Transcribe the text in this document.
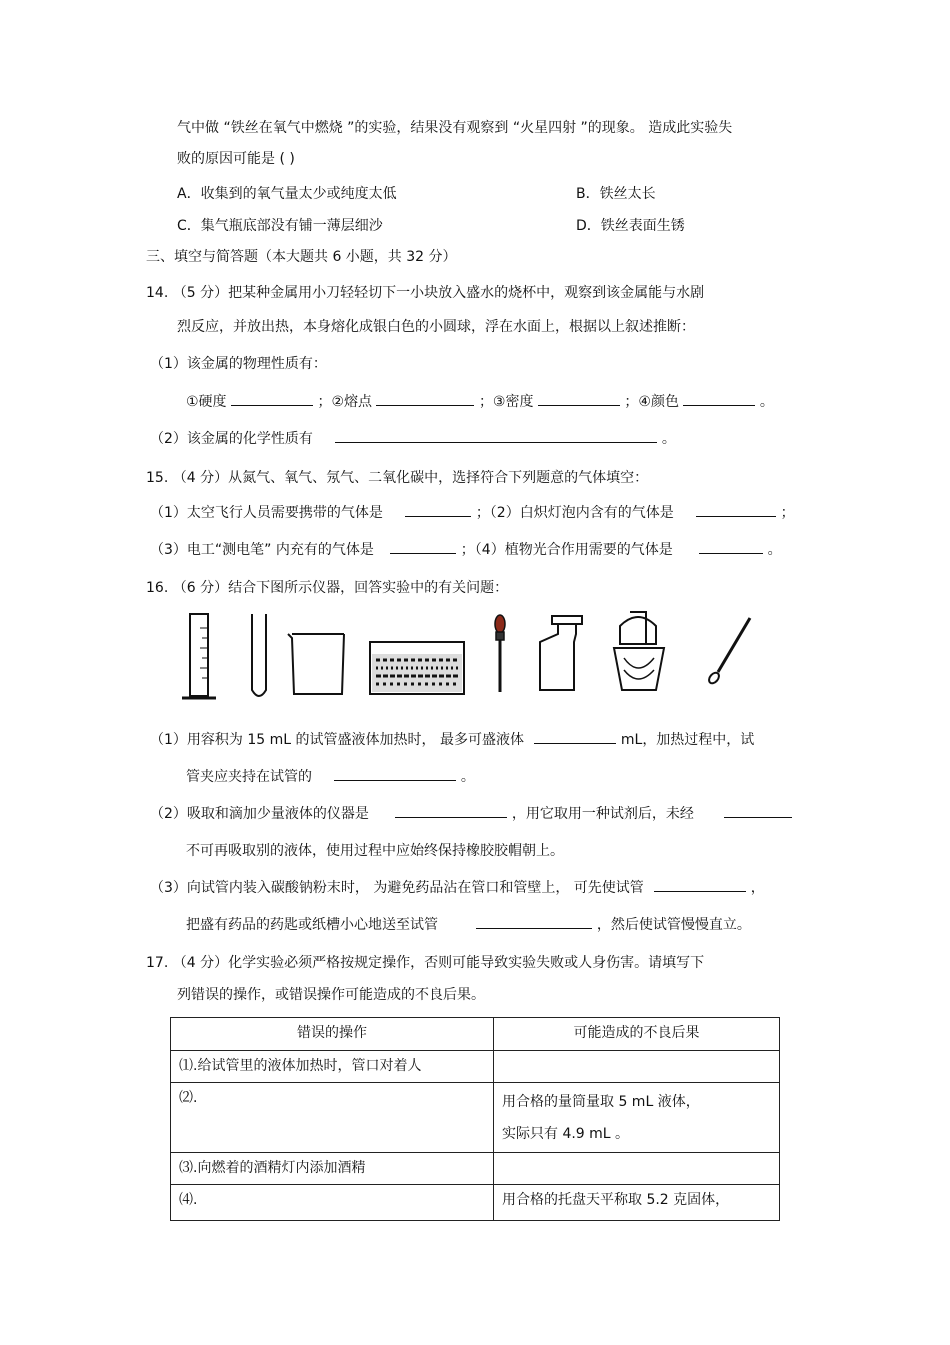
气中做 “铁丝在氧气中燃烧 ”的实验，结果没有观察到 “火星四射 ”的现象。 造成此实验失
败的原因可能是 ( )
A．收集到的氧气量太少或纯度太低	B．铁丝太长
C．集气瓶底部没有铺一薄层细沙	D．铁丝表面生锈
三、填空与简答题（本大题共 6 小题，共 32 分）
14. （5 分）把某种金属用小刀轻轻切下一小块放入盛水的烧杯中，观察到该金属能与水剧
烈反应，并放出热，本身熔化成银白色的小圆球，浮在水面上，根据以上叙述推断：
（1）该金属的物理性质有：
①硬度	；②熔点	；③密度	；④颜色	。
（2）该金属的化学性质有	。
15. （4 分）从氮气、氧气、氖气、二氧化碳中，选择符合下列题意的气体填空：
（1）太空飞行人员需要携带的气体是	；（2）白炽灯泡内含有的气体是	；
（3）电工“测电笔” 内充有的气体是	；（4）植物光合作用需要的气体是	。
16. （6 分）结合下图所示仪器，回答实验中的有关问题：
（1）用容积为 15 mL 的试管盛液体加热时， 最多可盛液体	mL，加热过程中，试
管夹应夹持在试管的	。
（2）吸取和滴加少量液体的仪器是	，用它取用一种试剂后，未经
不可再吸取别的液体，使用过程中应始终保持橡胶胶帽朝上。
（3）向试管内装入碳酸钠粉末时， 为避免药品沾在管口和管壁上， 可先使试管	，
把盛有药品的药匙或纸槽小心地送至试管	，然后使试管慢慢直立。
17. （4 分）化学实验必须严格按规定操作，否则可能导致实验失败或人身伤害。请填写下
列错误的操作，或错误操作可能造成的不良后果。
错误的操作	可能造成的不良后果
⑴.给试管里的液体加热时，管口对着人	
⑵.	用合格的量筒量取 5 mL 液体，
实际只有 4.9 mL 。

⑶.向燃着的酒精灯内添加酒精	
⑷.	用合格的托盘天平称取 5.2 克固体，
